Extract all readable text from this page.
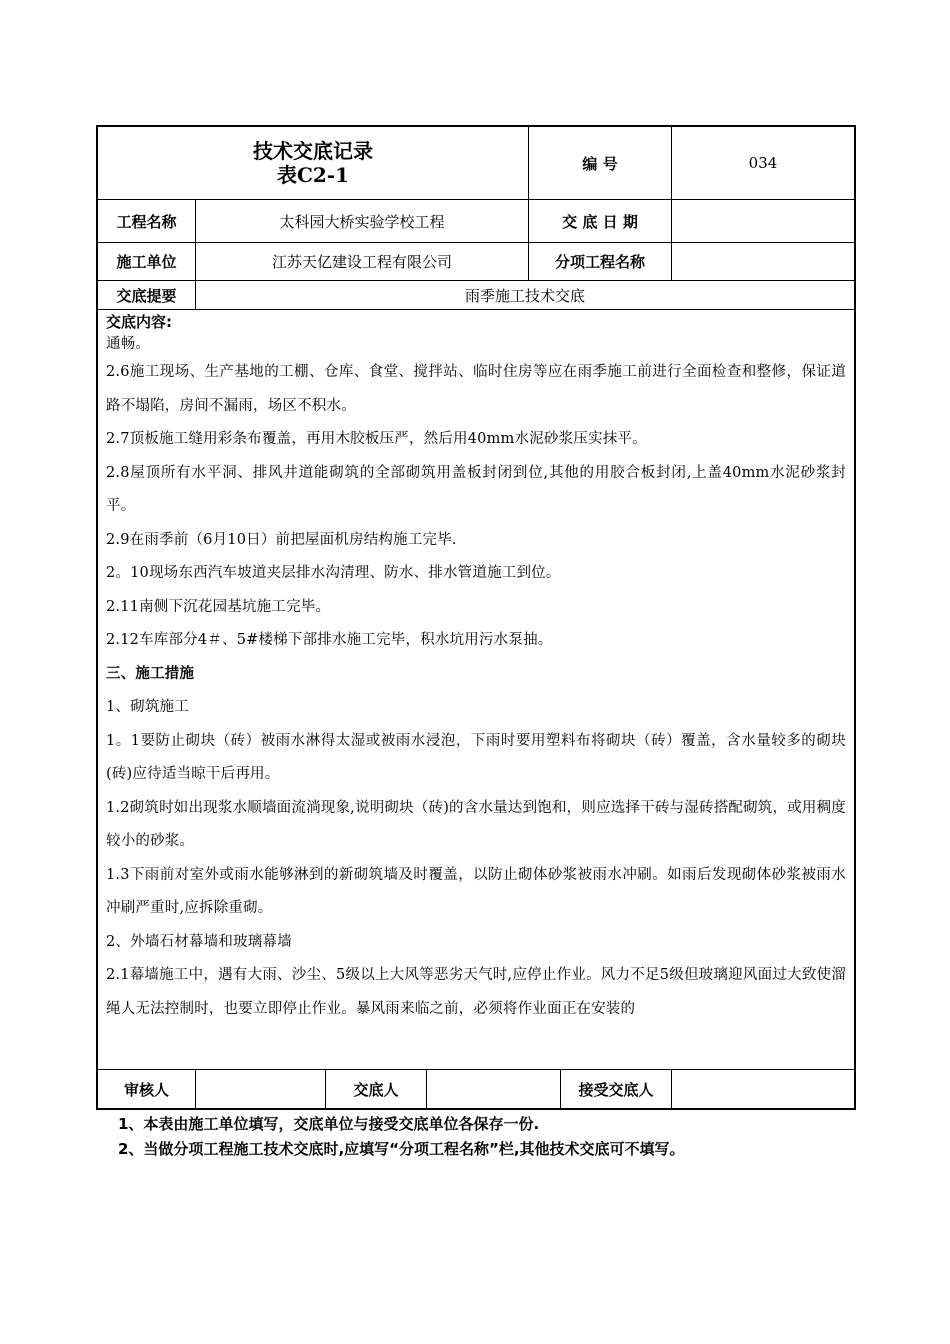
技术交底记录
表C2-1	编 号	034
工程名称	太科园大桥实验学校工程	交 底 日 期
施工单位	江苏天亿建设工程有限公司	分项工程名称
交底提要	雨季施工技术交底
交底内容:

通畅。

2.6施工现场、生产基地的工棚、仓库、食堂、搅拌站、临时住房等应在雨季施工前进行全面检查和整修，保证道路不塌陷，房间不漏雨，场区不积水。

2.7顶板施工缝用彩条布覆盖，再用木胶板压严，然后用40mm水泥砂浆压实抹平。

2.8屋顶所有水平洞、排风井道能砌筑的全部砌筑用盖板封闭到位,其他的用胶合板封闭,上盖40mm水泥砂浆封平。

2.9在雨季前（6月10日）前把屋面机房结构施工完毕.

2。10现场东西汽车坡道夹层排水沟清理、防水、排水管道施工到位。

2.11南侧下沉花园基坑施工完毕。

2.12车库部分4＃、5#楼梯下部排水施工完毕，积水坑用污水泵抽。

三、施工措施

1、砌筑施工

1。1要防止砌块（砖）被雨水淋得太湿或被雨水浸泡，下雨时要用塑料布将砌块（砖）覆盖，含水量较多的砌块(砖)应待适当晾干后再用。

1.2砌筑时如出现浆水顺墙面流淌现象,说明砌块（砖)的含水量达到饱和，则应选择干砖与湿砖搭配砌筑，或用稠度较小的砂浆。

1.3下雨前对室外或雨水能够淋到的新砌筑墙及时覆盖，以防止砌体砂浆被雨水冲刷。如雨后发现砌体砂浆被雨水冲刷严重时,应拆除重砌。

2、外墙石材幕墙和玻璃幕墙

2.1幕墙施工中，遇有大雨、沙尘、5级以上大风等恶劣天气时,应停止作业。风力不足5级但玻璃迎风面过大致使溜绳人无法控制时，也要立即停止作业。暴风雨来临之前，必须将作业面正在安装的

审核人	交底人	接受交底人
1、本表由施工单位填写，交底单位与接受交底单位各保存一份.
2、当做分项工程施工技术交底时,应填写“分项工程名称”栏,其他技术交底可不填写。
